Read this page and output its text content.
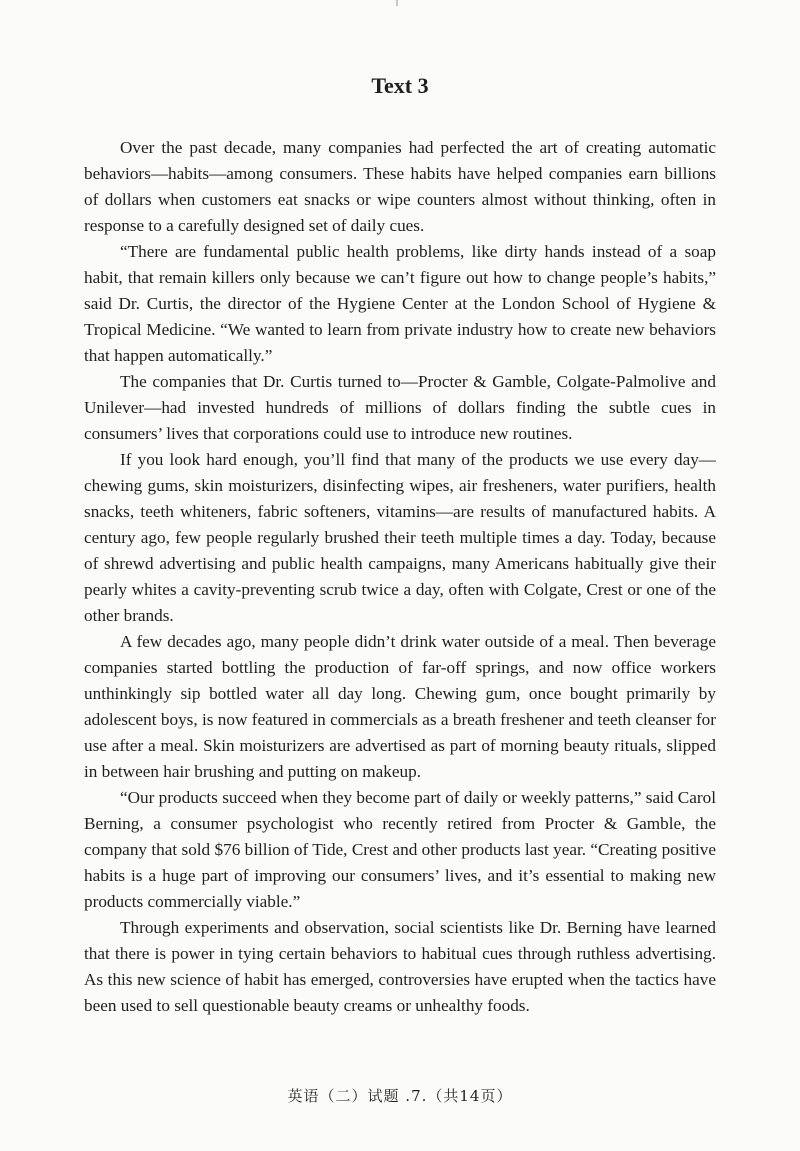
Text 3

Over the past decade, many companies had perfected the art of creating automatic behaviors—habits—among consumers. These habits have helped companies earn billions of dollars when customers eat snacks or wipe counters almost without thinking, often in response to a carefully designed set of daily cues.

“There are fundamental public health problems, like dirty hands instead of a soap habit, that remain killers only because we can’t figure out how to change people’s habits,” said Dr. Curtis, the director of the Hygiene Center at the London School of Hygiene & Tropical Medicine. “We wanted to learn from private industry how to create new behaviors that happen automatically.”

The companies that Dr. Curtis turned to—Procter & Gamble, Colgate-Palmolive and Unilever—had invested hundreds of millions of dollars finding the subtle cues in consumers’ lives that corporations could use to introduce new routines.

If you look hard enough, you’ll find that many of the products we use every day—chewing gums, skin moisturizers, disinfecting wipes, air fresheners, water purifiers, health snacks, teeth whiteners, fabric softeners, vitamins—are results of manufactured habits. A century ago, few people regularly brushed their teeth multiple times a day. Today, because of shrewd advertising and public health campaigns, many Americans habitually give their pearly whites a cavity-preventing scrub twice a day, often with Colgate, Crest or one of the other brands.

A few decades ago, many people didn’t drink water outside of a meal. Then beverage companies started bottling the production of far-off springs, and now office workers unthinkingly sip bottled water all day long. Chewing gum, once bought primarily by adolescent boys, is now featured in commercials as a breath freshener and teeth cleanser for use after a meal. Skin moisturizers are advertised as part of morning beauty rituals, slipped in between hair brushing and putting on makeup.

“Our products succeed when they become part of daily or weekly patterns,” said Carol Berning, a consumer psychologist who recently retired from Procter & Gamble, the company that sold $76 billion of Tide, Crest and other products last year. “Creating positive habits is a huge part of improving our consumers’ lives, and it’s essential to making new products commercially viable.”

Through experiments and observation, social scientists like Dr. Berning have learned that there is power in tying certain behaviors to habitual cues through ruthless advertising. As this new science of habit has emerged, controversies have erupted when the tactics have been used to sell questionable beauty creams or unhealthy foods.

英语（二）试题 .7.（共14页）
